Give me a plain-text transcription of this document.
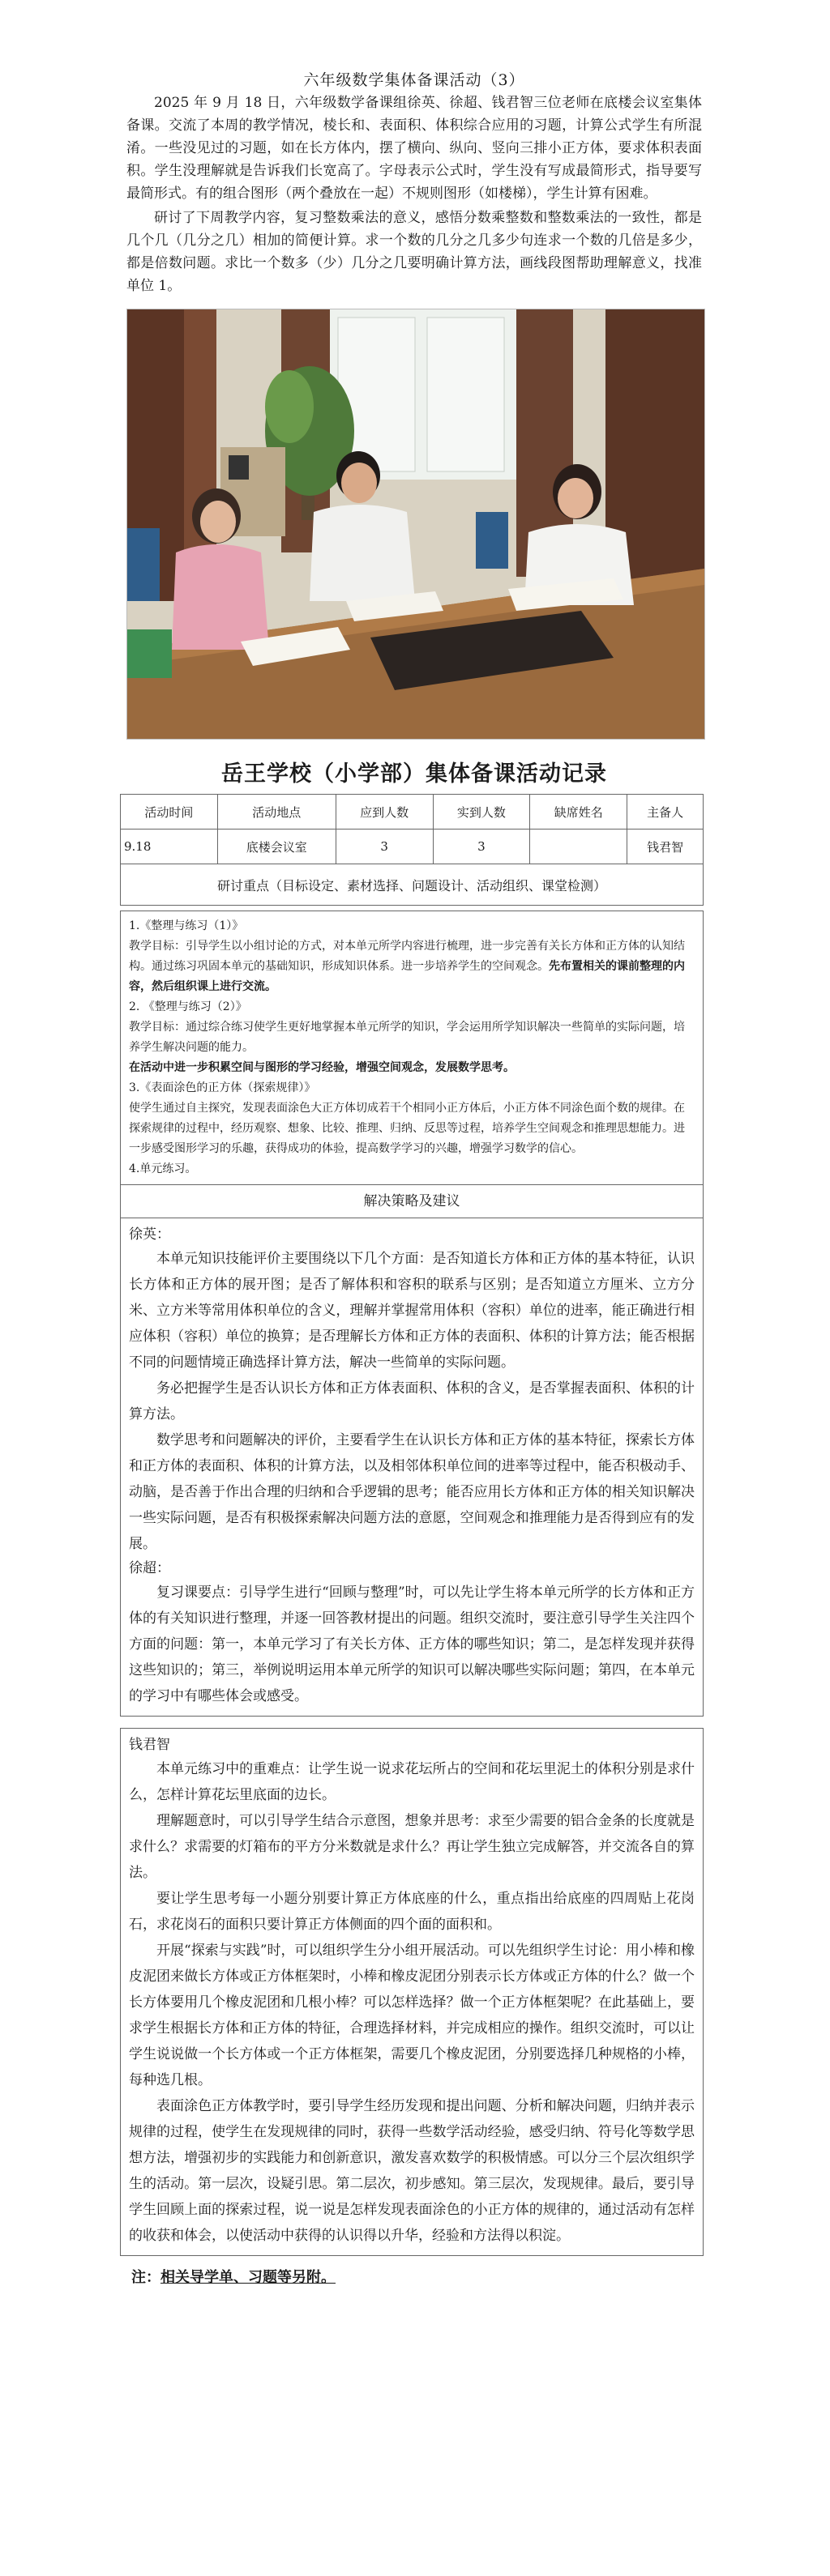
六年级数学集体备课活动（3）

2025 年 9 月 18 日，六年级数学备课组徐英、徐超、钱君智三位老师在底楼会议室集体备课。交流了本周的教学情况，棱长和、表面积、体积综合应用的习题，计算公式学生有所混淆。一些没见过的习题，如在长方体内，摆了横向、纵向、竖向三排小正方体，要求体积表面积。学生没理解就是告诉我们长宽高了。字母表示公式时，学生没有写成最简形式，指导要写最简形式。有的组合图形（两个叠放在一起）不规则图形（如楼梯），学生计算有困难。

研讨了下周教学内容，复习整数乘法的意义，感悟分数乘整数和整数乘法的一致性，都是几个几（几分之几）相加的简便计算。求一个数的几分之几多少句连求一个数的几倍是多少，都是倍数问题。求比一个数多（少）几分之几要明确计算方法，画线段图帮助理解意义，找准单位 1。

岳王学校（小学部）集体备课活动记录
活动时间	活动地点	应到人数	实到人数	缺席姓名	主备人
9.18	底楼会议室	3	3		钱君智
研讨重点（目标设定、素材选择、问题设计、活动组织、课堂检测）					
1.《整理与练习（1）》
教学目标：引导学生以小组讨论的方式，对本单元所学内容进行梳理，进一步完善有关长方体和正方体的认知结构。通过练习巩固本单元的基础知识，形成知识体系。进一步培养学生的空间观念。先布置相关的课前整理的内容，然后组织课上进行交流。
2. 《整理与练习（2）》
教学目标：通过综合练习使学生更好地掌握本单元所学的知识，学会运用所学知识解决一些简单的实际问题，培养学生解决问题的能力。
在活动中进一步积累空间与图形的学习经验，增强空间观念，发展数学思考。
3.《表面涂色的正方体（探索规律）》
使学生通过自主探究，发现表面涂色大正方体切成若干个相同小正方体后，小正方体不同涂色面个数的规律。在探索规律的过程中，经历观察、想象、比较、推理、归纳、反思等过程，培养学生空间观念和推理思想能力。进一步感受图形学习的乐趣，获得成功的体验，提高数学学习的兴趣，增强学习数学的信心。
4.单元练习。
解决策略及建议
徐英：

本单元知识技能评价主要围绕以下几个方面：是否知道长方体和正方体的基本特征，认识长方体和正方体的展开图；是否了解体积和容积的联系与区别；是否知道立方厘米、立方分米、立方米等常用体积单位的含义，理解并掌握常用体积（容积）单位的进率，能正确进行相应体积（容积）单位的换算；是否理解长方体和正方体的表面积、体积的计算方法；能否根据不同的问题情境正确选择计算方法，解决一些简单的实际问题。

务必把握学生是否认识长方体和正方体表面积、体积的含义，是否掌握表面积、体积的计算方法。

数学思考和问题解决的评价，主要看学生在认识长方体和正方体的基本特征，探索长方体和正方体的表面积、体积的计算方法，以及相邻体积单位间的进率等过程中，能否积极动手、动脑，是否善于作出合理的归纳和合乎逻辑的思考；能否应用长方体和正方体的相关知识解决一些实际问题，是否有积极探索解决问题方法的意愿，空间观念和推理能力是否得到应有的发展。

徐超：

复习课要点：引导学生进行“回顾与整理”时，可以先让学生将本单元所学的长方体和正方体的有关知识进行整理，并逐一回答教材提出的问题。组织交流时，要注意引导学生关注四个方面的问题：第一，本单元学习了有关长方体、正方体的哪些知识；第二，是怎样发现并获得这些知识的；第三，举例说明运用本单元所学的知识可以解决哪些实际问题；第四，在本单元的学习中有哪些体会或感受。

钱君智

本单元练习中的重难点：让学生说一说求花坛所占的空间和花坛里泥土的体积分别是求什么，怎样计算花坛里底面的边长。

理解题意时，可以引导学生结合示意图，想象并思考：求至少需要的铝合金条的长度就是求什么？求需要的灯箱布的平方分米数就是求什么？再让学生独立完成解答，并交流各自的算法。

要让学生思考每一小题分别要计算正方体底座的什么，重点指出给底座的四周贴上花岗石，求花岗石的面积只要计算正方体侧面的四个面的面积和。

开展“探索与实践”时，可以组织学生分小组开展活动。可以先组织学生讨论：用小棒和橡皮泥团来做长方体或正方体框架时，小棒和橡皮泥团分别表示长方体或正方体的什么？做一个长方体要用几个橡皮泥团和几根小棒？可以怎样选择？做一个正方体框架呢？在此基础上，要求学生根据长方体和正方体的特征，合理选择材料，并完成相应的操作。组织交流时，可以让学生说说做一个长方体或一个正方体框架，需要几个橡皮泥团，分别要选择几种规格的小棒，每种选几根。

表面涂色正方体教学时，要引导学生经历发现和提出问题、分析和解决问题，归纳并表示规律的过程，使学生在发现规律的同时，获得一些数学活动经验，感受归纳、符号化等数学思想方法，增强初步的实践能力和创新意识，激发喜欢数学的积极情感。可以分三个层次组织学生的活动。第一层次，设疑引思。第二层次，初步感知。第三层次，发现规律。最后，要引导学生回顾上面的探索过程，说一说是怎样发现表面涂色的小正方体的规律的，通过活动有怎样的收获和体会，以使活动中获得的认识得以升华，经验和方法得以积淀。

注：相关导学单、习题等另附。
